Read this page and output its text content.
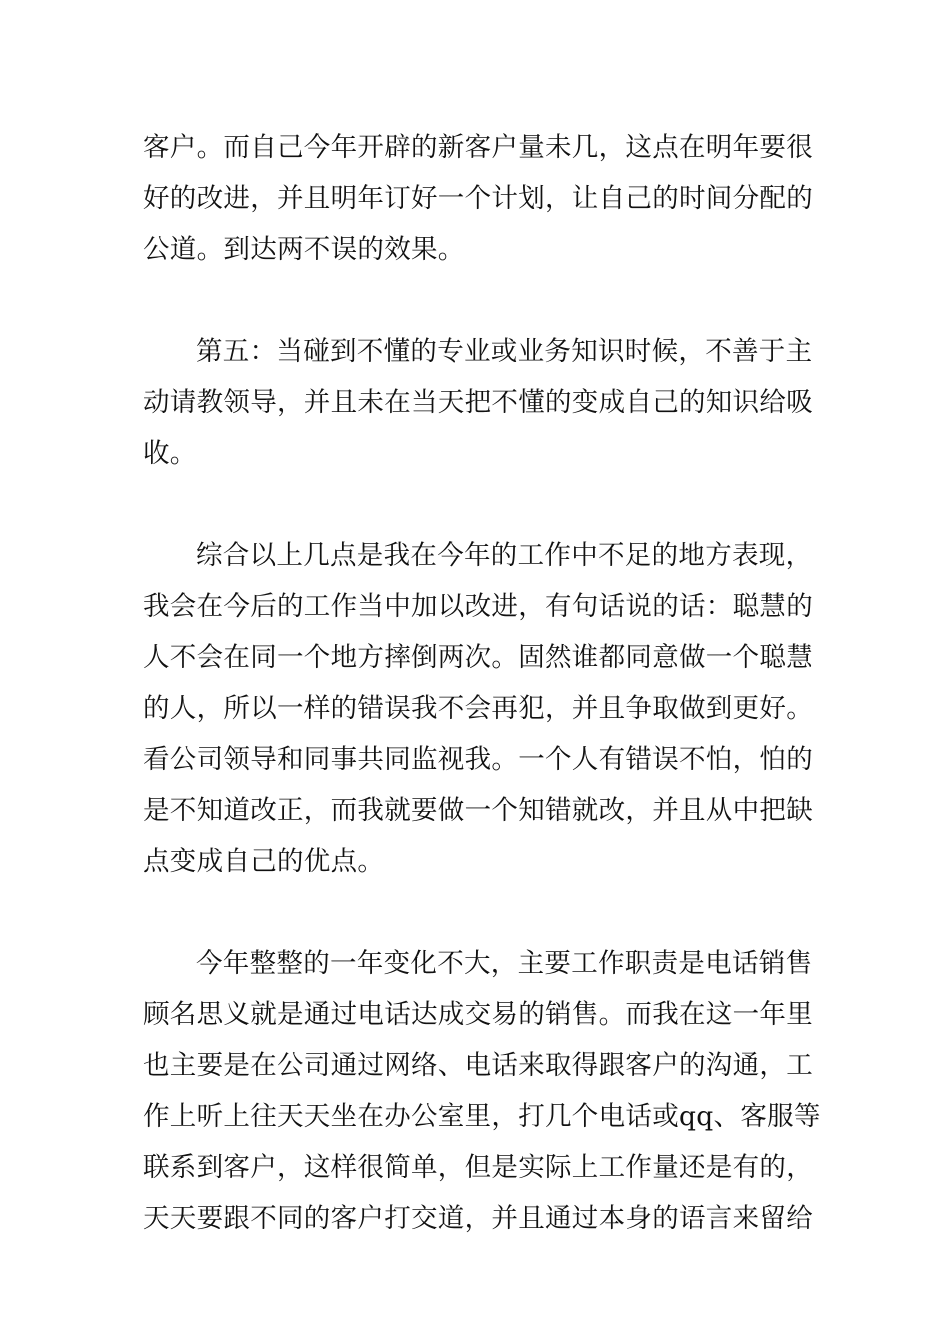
客户。而自己今年开辟的新客户量未几，这点在明年要很
好的改进，并且明年订好一个计划，让自己的时间分配的
公道。到达两不误的效果。
第五：当碰到不懂的专业或业务知识时候，不善于主
动请教领导，并且未在当天把不懂的变成自己的知识给吸
收。
综合以上几点是我在今年的工作中不足的地方表现，
我会在今后的工作当中加以改进，有句话说的话：聪慧的
人不会在同一个地方摔倒两次。固然谁都同意做一个聪慧
的人，所以一样的错误我不会再犯，并且争取做到更好。
看公司领导和同事共同监视我。一个人有错误不怕，怕的
是不知道改正，而我就要做一个知错就改，并且从中把缺
点变成自己的优点。
今年整整的一年变化不大，主要工作职责是电话销售
顾名思义就是通过电话达成交易的销售。而我在这一年里
也主要是在公司通过网络、电话来取得跟客户的沟通，工
作上听上往天天坐在办公室里，打几个电话或qq、客服等
联系到客户，这样很简单，但是实际上工作量还是有的，
天天要跟不同的客户打交道，并且通过本身的语言来留给
